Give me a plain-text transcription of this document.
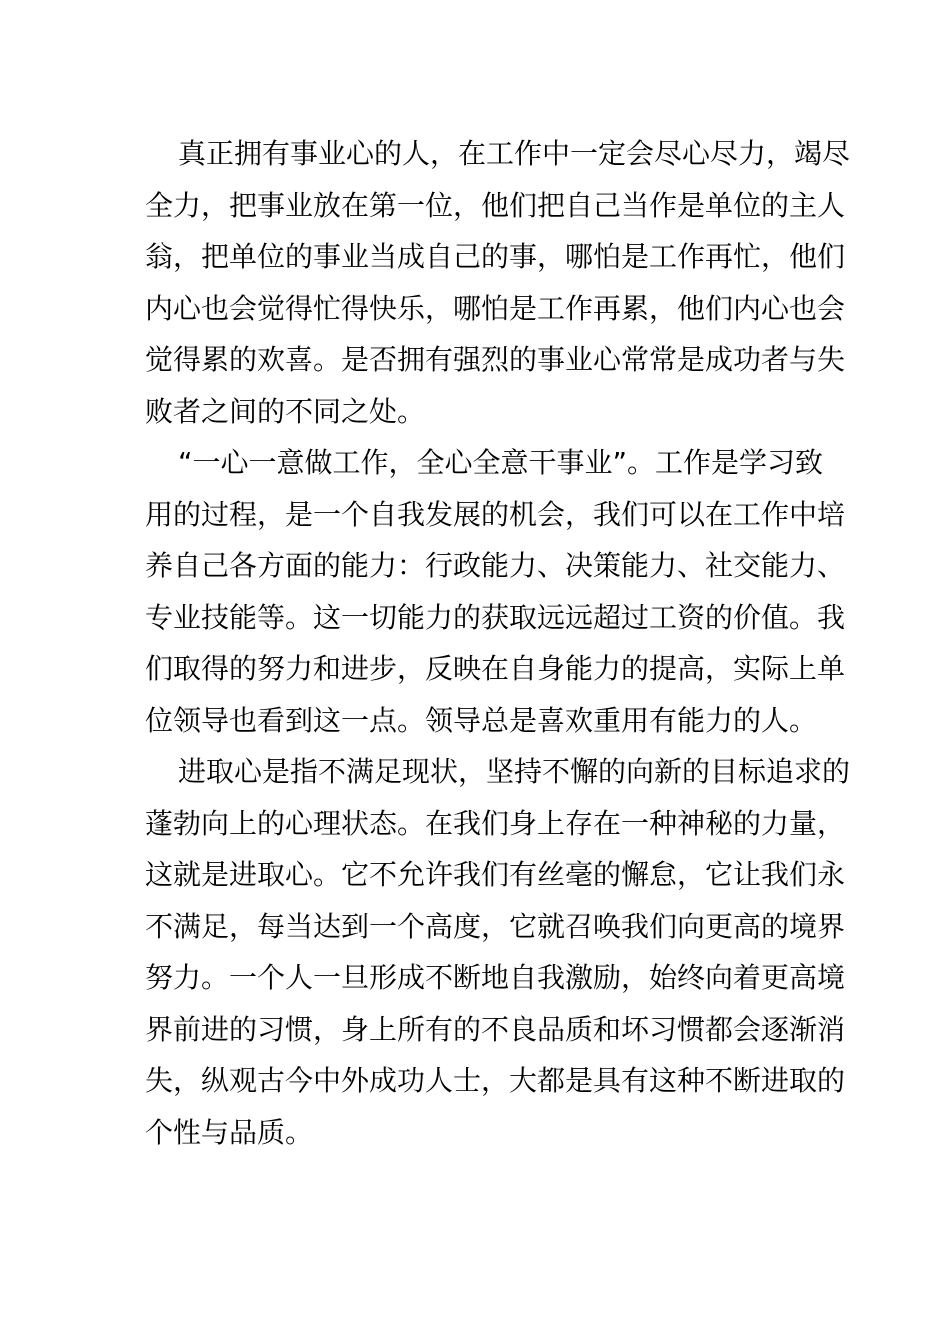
真正拥有事业心的人，在工作中一定会尽心尽力，竭尽
全力，把事业放在第一位，他们把自己当作是单位的主人
翁，把单位的事业当成自己的事，哪怕是工作再忙，他们
内心也会觉得忙得快乐，哪怕是工作再累，他们内心也会
觉得累的欢喜。是否拥有强烈的事业心常常是成功者与失
败者之间的不同之处。
“一心一意做工作，全心全意干事业”。工作是学习致
用的过程，是一个自我发展的机会，我们可以在工作中培
养自己各方面的能力：行政能力、决策能力、社交能力、
专业技能等。这一切能力的获取远远超过工资的价值。我
们取得的努力和进步，反映在自身能力的提高，实际上单
位领导也看到这一点。领导总是喜欢重用有能力的人。
进取心是指不满足现状，坚持不懈的向新的目标追求的
蓬勃向上的心理状态。在我们身上存在一种神秘的力量，
这就是进取心。它不允许我们有丝毫的懈怠，它让我们永
不满足，每当达到一个高度，它就召唤我们向更高的境界
努力。一个人一旦形成不断地自我激励，始终向着更高境
界前进的习惯，身上所有的不良品质和坏习惯都会逐渐消
失，纵观古今中外成功人士，大都是具有这种不断进取的
个性与品质。
